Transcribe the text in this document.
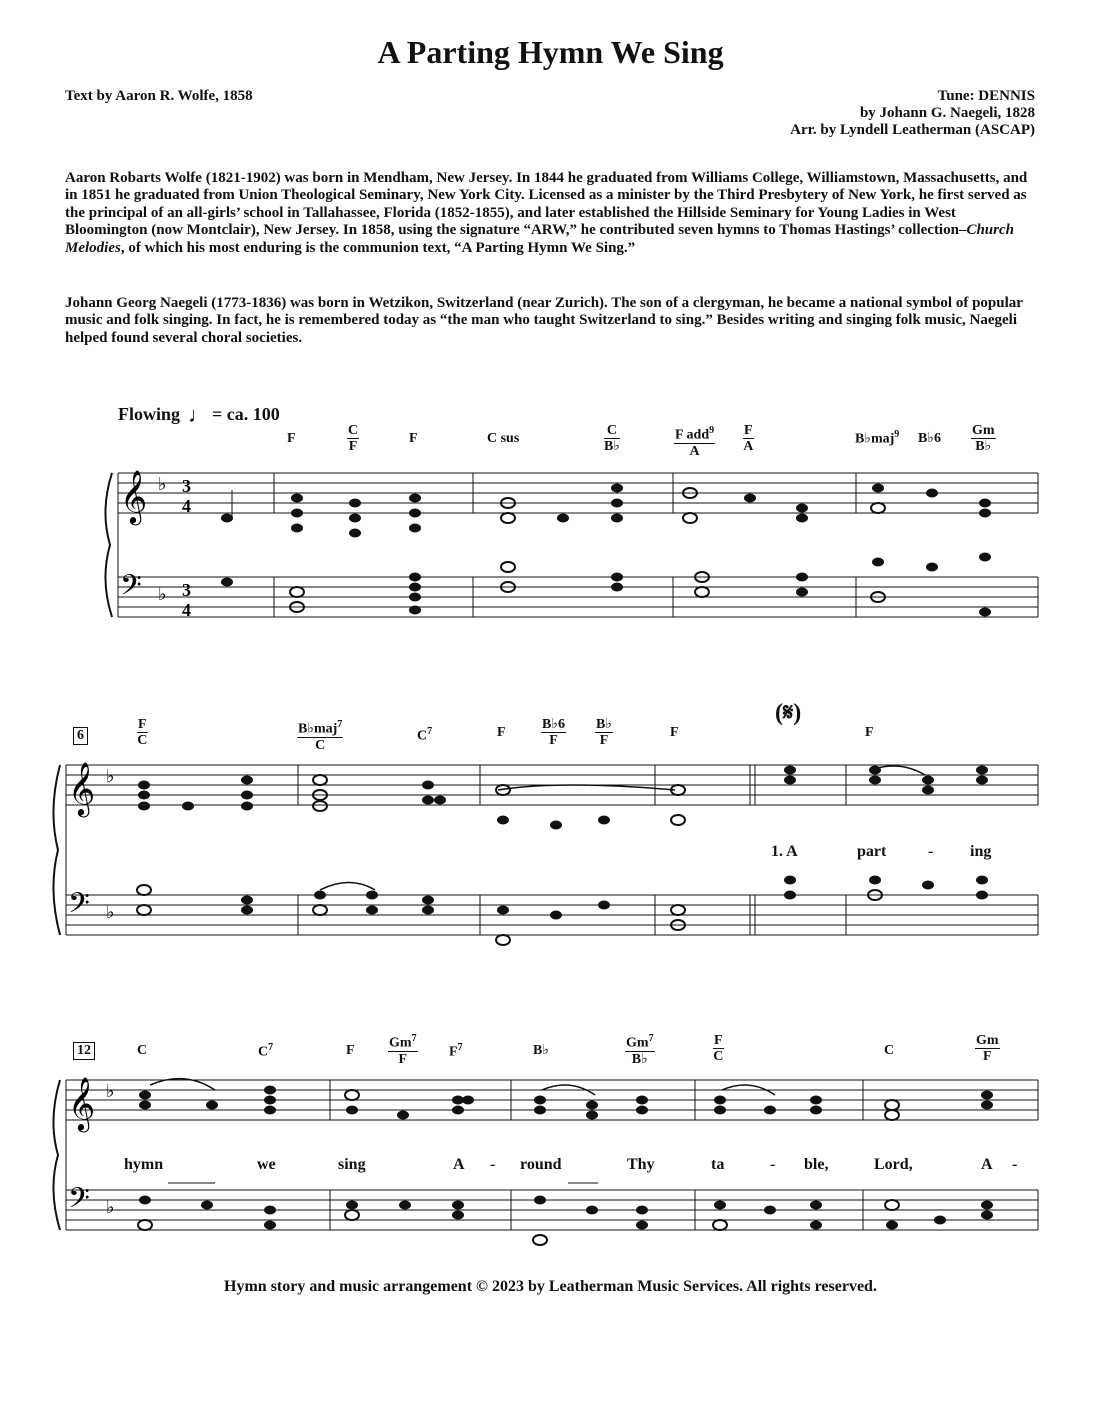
A Parting Hymn We Sing
Text by Aaron R. Wolfe, 1858	Tune: DENNIS
by Johann G. Naegeli, 1828
Arr. by Lyndell Leatherman (ASCAP)
Aaron Robarts Wolfe (1821-1902) was born in Mendham, New Jersey. In 1844 he graduated from Williams College, Williamstown, Massachusetts, and in 1851 he graduated from Union Theological Seminary, New York City. Licensed as a minister by the Third Presbytery of New York, he first served as the principal of an all-girls’ school in Tallahassee, Florida (1852-1855), and later established the Hillside Seminary for Young Ladies in West Bloomington (now Montclair), New Jersey. In 1858, using the signature “ARW,” he contributed seven hymns to Thomas Hastings’ collection–Church Melodies, of which his most enduring is the communion text, “A Parting Hymn We Sing.”
Johann Georg Naegeli (1773-1836) was born in Wetzikon, Switzerland (near Zurich). The son of a clergyman, he became a national symbol of popular music and folk singing. In fact, he is remembered today as “the man who taught Switzerland to sing.” Besides writing and singing folk music, Naegeli helped found several choral societies.
Flowing ♩ = ca. 100
𝄞
𝄢
♭
♭
3
4
3
4
F	$\frac{C}{F}$	F	C sus	$\frac{C}{B♭}$	$\frac{F add^9}{A} \frac{F}{A}$	B♭maj$^9$ B♭6 $\frac{Gm}{B♭}$
6
(𝄋)
𝄞
𝄢
♭
♭
$\frac{F}{C}$	$\frac{B♭maj^7}{C}$	$C^7$	F	$\frac{B♭6}{F} \frac{B♭}{F}$	F	F
1. A	part	- ing
12
𝄞
𝄢
♭
♭
C	$C^7$	F $\frac{Gm^7}{F} F^7$	B♭	$\frac{Gm^7}{B♭}$	$\frac{F}{C}$	C	$\frac{Gm}{F}$
hymn	we	sing	A - round	Thy	ta	- ble,	Lord,	A -
Hymn story and music arrangement © 2023 by Leatherman Music Services. All rights reserved.
